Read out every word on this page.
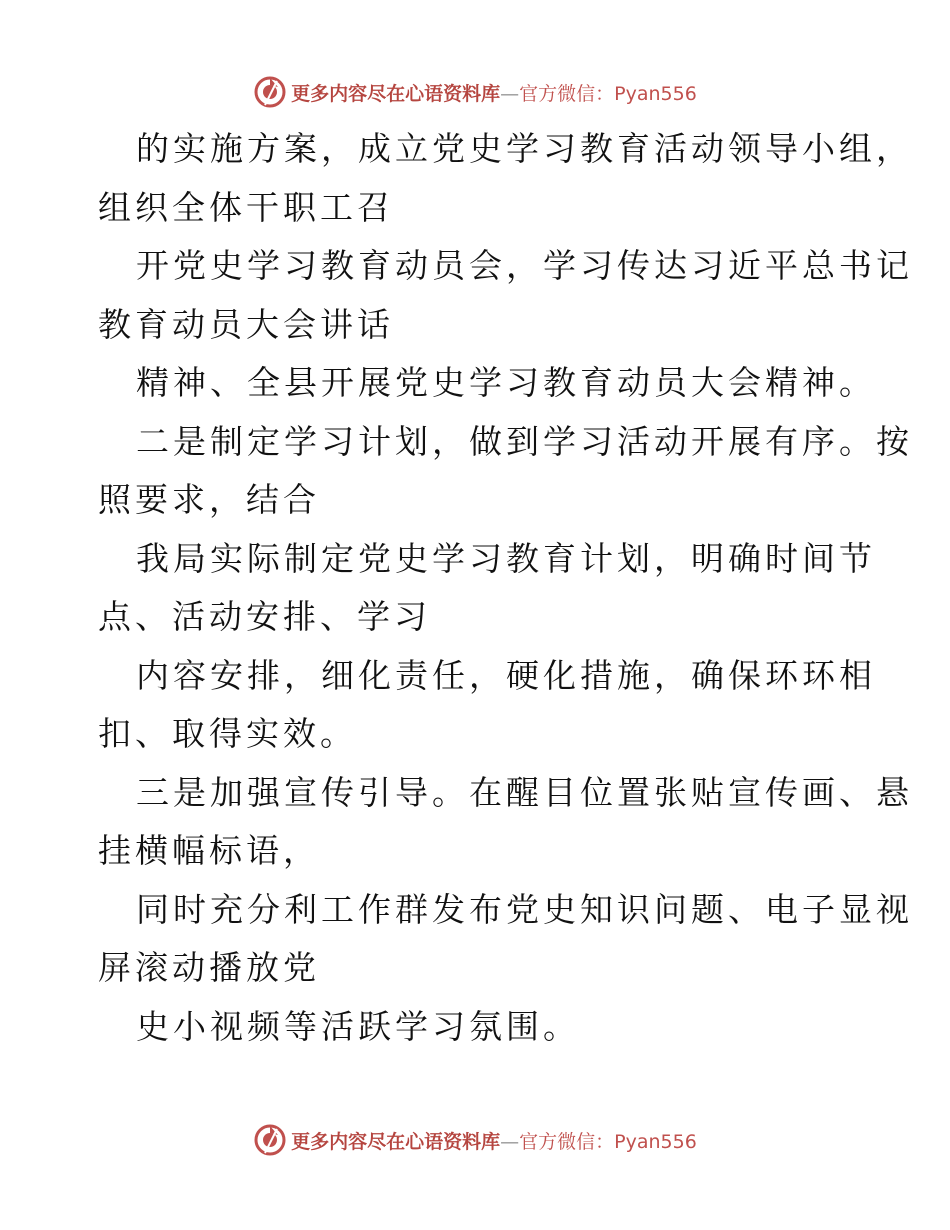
更多内容尽在心语资料库—官方微信：Pyan556

的实施方案，成立党史学习教育活动领导小组，

组织全体干职工召

开党史学习教育动员会，学习传达习近平总书记

教育动员大会讲话

精神、全县开展党史学习教育动员大会精神。

二是制定学习计划，做到学习活动开展有序。按

照要求，结合

我局实际制定党史学习教育计划，明确时间节

点、活动安排、学习

内容安排，细化责任，硬化措施，确保环环相

扣、取得实效。

三是加强宣传引导。在醒目位置张贴宣传画、悬

挂横幅标语，

同时充分利工作群发布党史知识问题、电子显视

屏滚动播放党

史小视频等活跃学习氛围。

更多内容尽在心语资料库—官方微信：Pyan556
